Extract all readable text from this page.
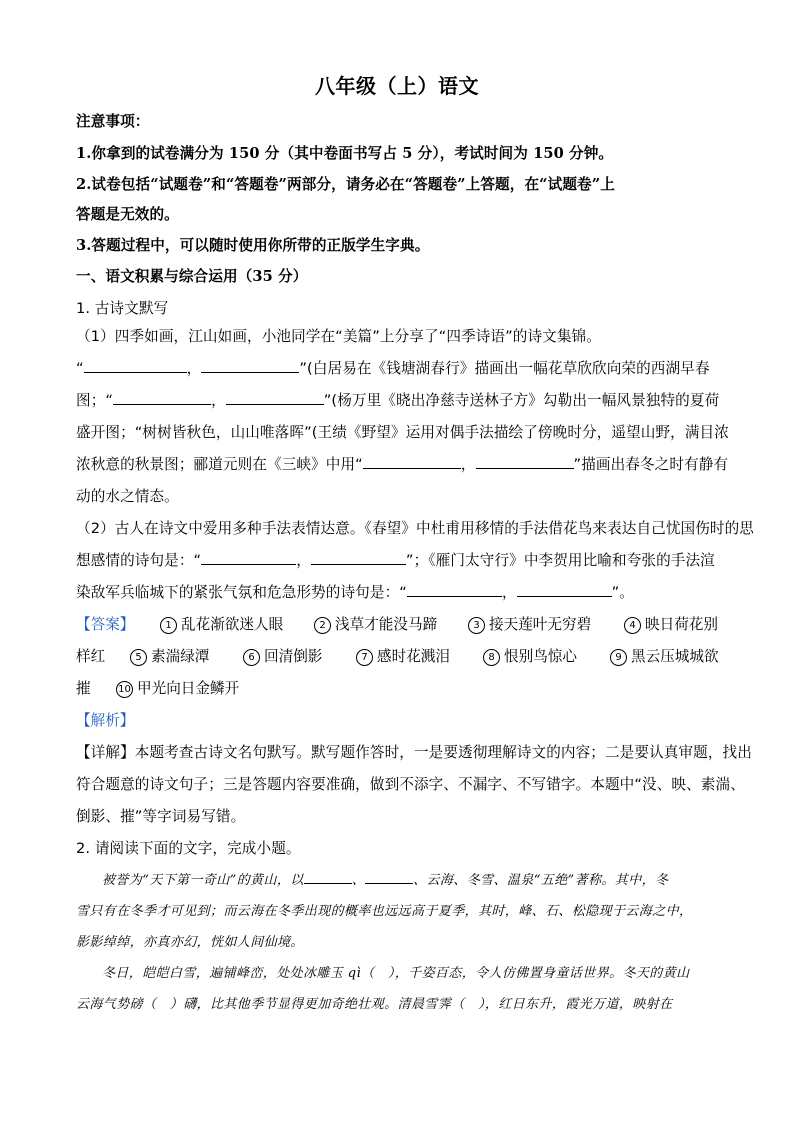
八年级（上）语文
注意事项：
1.你拿到的试卷满分为 150 分（其中卷面书写占 5 分），考试时间为 150 分钟。
2.试卷包括“试题卷”和“答题卷”两部分，请务必在“答题卷”上答题，在“试题卷”上
答题是无效的。
3.答题过程中，可以随时使用你所带的正版学生字典。
一、语文积累与综合运用（35 分）
1. 古诗文默写
（1）四季如画，江山如画，小池同学在“美篇”上分享了“四季诗语”的诗文集锦。
“	，	”(白居易在《钱塘湖春行》描画出一幅花草欣欣向荣的西湖早春
图；“	，	”(杨万里《晓出净慈寺送林子方》勾勒出一幅风景独特的夏荷
盛开图；“树树皆秋色，山山唯落晖”(王绩《野望》运用对偶手法描绘了傍晚时分，遥望山野，满目浓
浓秋意的秋景图；郦道元则在《三峡》中用“	，	”描画出春冬之时有静有
动的水之情态。
（2）古人在诗文中爱用多种手法表情达意。《春望》中杜甫用移情的手法借花鸟来表达自己忧国伤时的思
想感情的诗句是：“	，	”；《雁门太守行》中李贺用比喻和夸张的手法渲
染敌军兵临城下的紧张气氛和危急形势的诗句是：“	，	”。
【答案】	1 乱花渐欲迷人眼	2 浅草才能没马蹄	3 接天莲叶无穷碧	4 映日荷花别
样红	5 素湍绿潭	6 回清倒影	7 感时花溅泪	8 恨别鸟惊心	9 黑云压城城欲
摧	10 甲光向日金鳞开
【解析】
【详解】本题考查古诗文名句默写。默写题作答时，一是要透彻理解诗文的内容；二是要认真审题，找出
符合题意的诗文句子；三是答题内容要准确，做到不添字、不漏字、不写错字。本题中“没、映、素湍、
倒影、摧”等字词易写错。
2. 请阅读下面的文字，完成小题。
被誉为“天下第一奇山”的黄山，以	、	、云海、冬雪、温泉“五绝”著称。其中，冬
雪只有在冬季才可见到；而云海在冬季出现的概率也远远高于夏季，其时，峰、石、松隐现于云海之中，
影影绰绰，亦真亦幻，恍如人间仙境。
冬日，皑皑白雪，遍铺峰峦，处处冰雕玉 qì（　），千姿百态，令人仿佛置身童话世界。冬天的黄山
云海气势磅（　）礴，比其他季节显得更加奇绝壮观。清晨雪霁（　），红日东升，霞光万道，映射在
